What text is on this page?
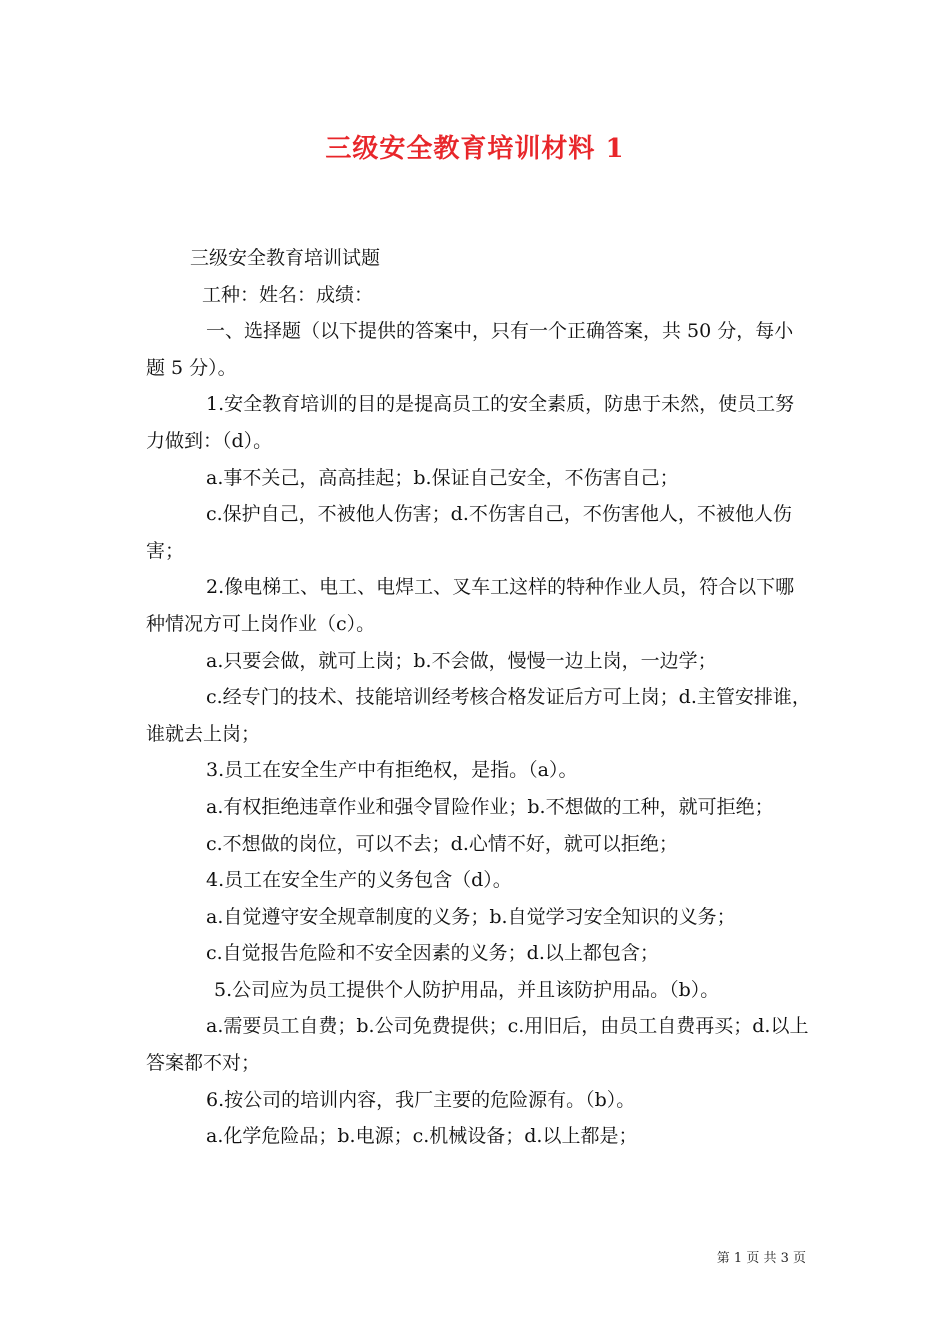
三级安全教育培训材料 1

三级安全教育培训试题

工种：姓名：成绩：

一、选择题（以下提供的答案中，只有一个正确答案，共 50 分，每小题 5 分）。

1.安全教育培训的目的是提高员工的安全素质，防患于未然，使员工努力做到：（d）。

a.事不关己，高高挂起；b.保证自己安全，不伤害自己；

c.保护自己，不被他人伤害；d.不伤害自己，不伤害他人，不被他人伤害；

2.像电梯工、电工、电焊工、叉车工这样的特种作业人员，符合以下哪种情况方可上岗作业（c）。

a.只要会做，就可上岗；b.不会做，慢慢一边上岗，一边学；

c.经专门的技术、技能培训经考核合格发证后方可上岗；d.主管安排谁，谁就去上岗；

3.员工在安全生产中有拒绝权，是指。（a）。

a.有权拒绝违章作业和强令冒险作业；b.不想做的工种，就可拒绝；

c.不想做的岗位，可以不去；d.心情不好，就可以拒绝；

4.员工在安全生产的义务包含（d）。

a.自觉遵守安全规章制度的义务；b.自觉学习安全知识的义务；

c.自觉报告危险和不安全因素的义务；d.以上都包含；

5.公司应为员工提供个人防护用品，并且该防护用品。（b）。

a.需要员工自费；b.公司免费提供；c.用旧后，由员工自费再买；d.以上答案都不对；

6.按公司的培训内容，我厂主要的危险源有。（b）。

a.化学危险品；b.电源；c.机械设备；d.以上都是；

第 1 页 共 3 页
